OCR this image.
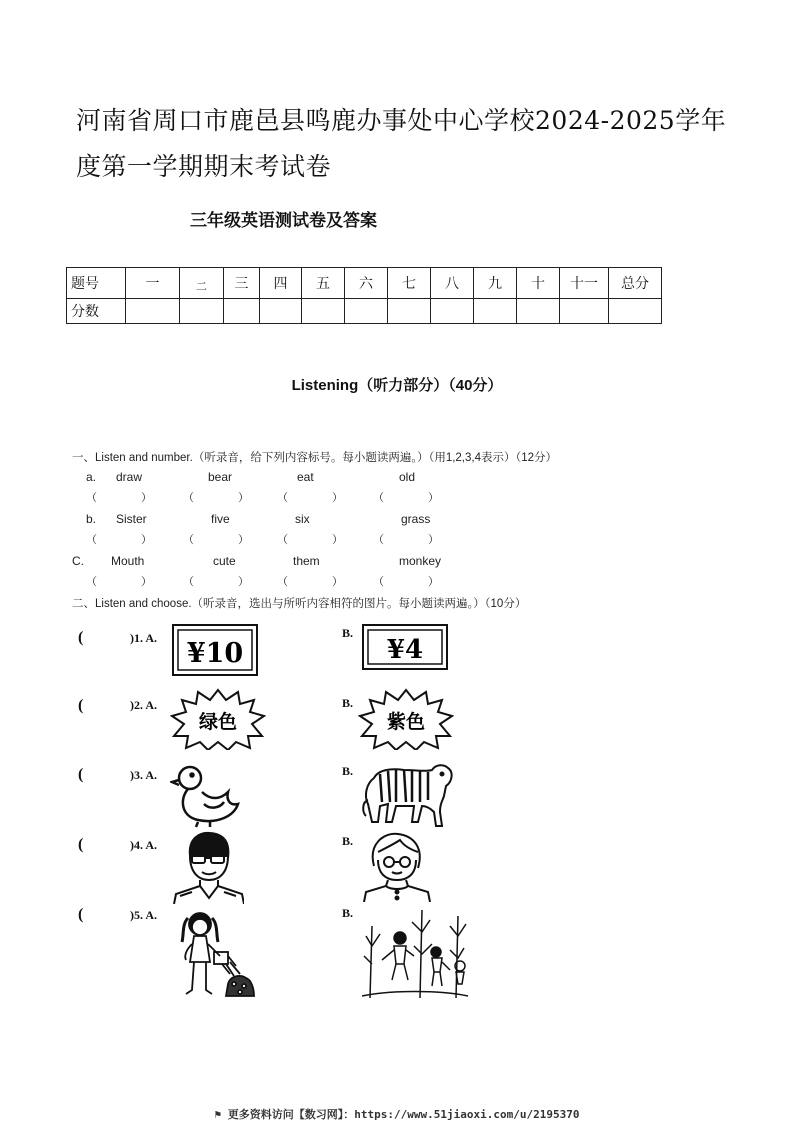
河南省周口市鹿邑县鸣鹿办事处中心学校2024-2025学年度第一学期期末考试卷
三年级英语测试卷及答案
题号	一	二	三	四	五	六	七	八	九	十	十一	总分
分数												
Listening（听力部分）（40分）
一、Listen and number.（听录音，给下列内容标号。每小题读两遍。）（用1,2,3,4表示）（12分）
a. draw	bear	eat	old
（　　　　）	（　　　　）	（　　　　）	（　　　　）
b. Sister	five	six	grass
（　　　　）	（　　　　）	（　　　　）	（　　　　）
C. Mouth	cute	them	monkey
（　　　　）	（　　　　）	（　　　　）	（　　　　）
二、Listen and choose.（听录音，选出与所听内容相符的图片。每小题读两遍。）（10分）
(	)1. A. ¥10
B.
¥4
(	)2. A.
绿色
B.
紫色
(	)3. A.	B.
(	)4. A.	B.
(	)5. A.	B.
⚑ 更多资料访问【数习网】：https://www.51jiaoxi.com/u/2195370
